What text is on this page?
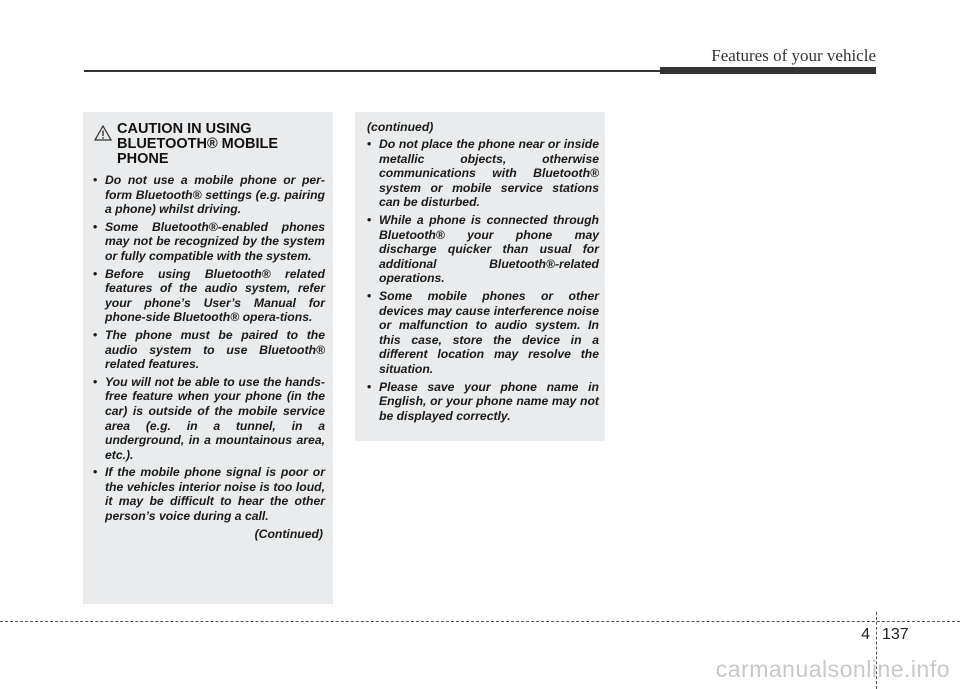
Features of your vehicle
CAUTION IN USING
BLUETOOTH® MOBILE
PHONE
• Do not use a mobile phone or per-form Bluetooth® settings (e.g. pairing a phone) whilst driving.
• Some Bluetooth®-enabled phones may not be recognized by the system or fully compatible with the system.
• Before using Bluetooth® related features of the audio system, refer your phone’s User’s Manual for phone-side Bluetooth® opera-tions.
• The phone must be paired to the audio system to use Bluetooth® related features.
• You will not be able to use the hands-free feature when your phone (in the car) is outside of the mobile service area (e.g. in a tunnel, in a underground, in a mountainous area, etc.).
• If the mobile phone signal is poor or the vehicles interior noise is too loud, it may be difficult to hear the other person’s voice during a call.
(Continued)
(continued)
• Do not place the phone near or inside metallic objects, otherwise communications with Bluetooth® system or mobile service stations can be disturbed.
• While a phone is connected through Bluetooth® your phone may discharge quicker than usual for additional Bluetooth®-related operations.
• Some mobile phones or other devices may cause interference noise or malfunction to audio system. In this case, store the device in a different location may resolve the situation.
• Please save your phone name in English, or your phone name may not be displayed correctly.
4 137
carmanualsonline.info
